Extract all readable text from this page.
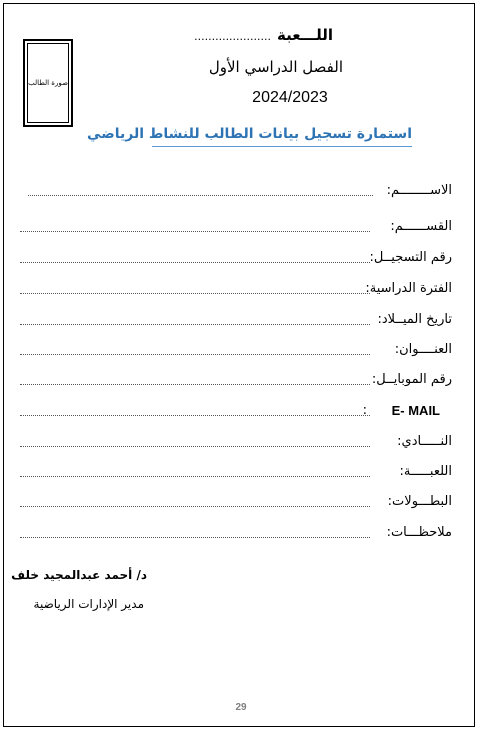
صورة الطالب
اللـــعبة......................
الفصل الدراسي الأول
2024/2023
استمارة تسجيل بيانات الطالب للنشاط الرياضي
الاســــــــم:
القســــــم:
رقم التسجيــل:
الفترة الدراسية:
تاريخ الميــلاد:
العنــــوان:
رقم الموبايــل:
E- MAIL
:
النـــــادي:
اللعبـــــة:
البطـــولات:
ملاحظـــات:
د/ أحمد عبدالمجيد خلف
مدير الإدارات الرياضية
29
